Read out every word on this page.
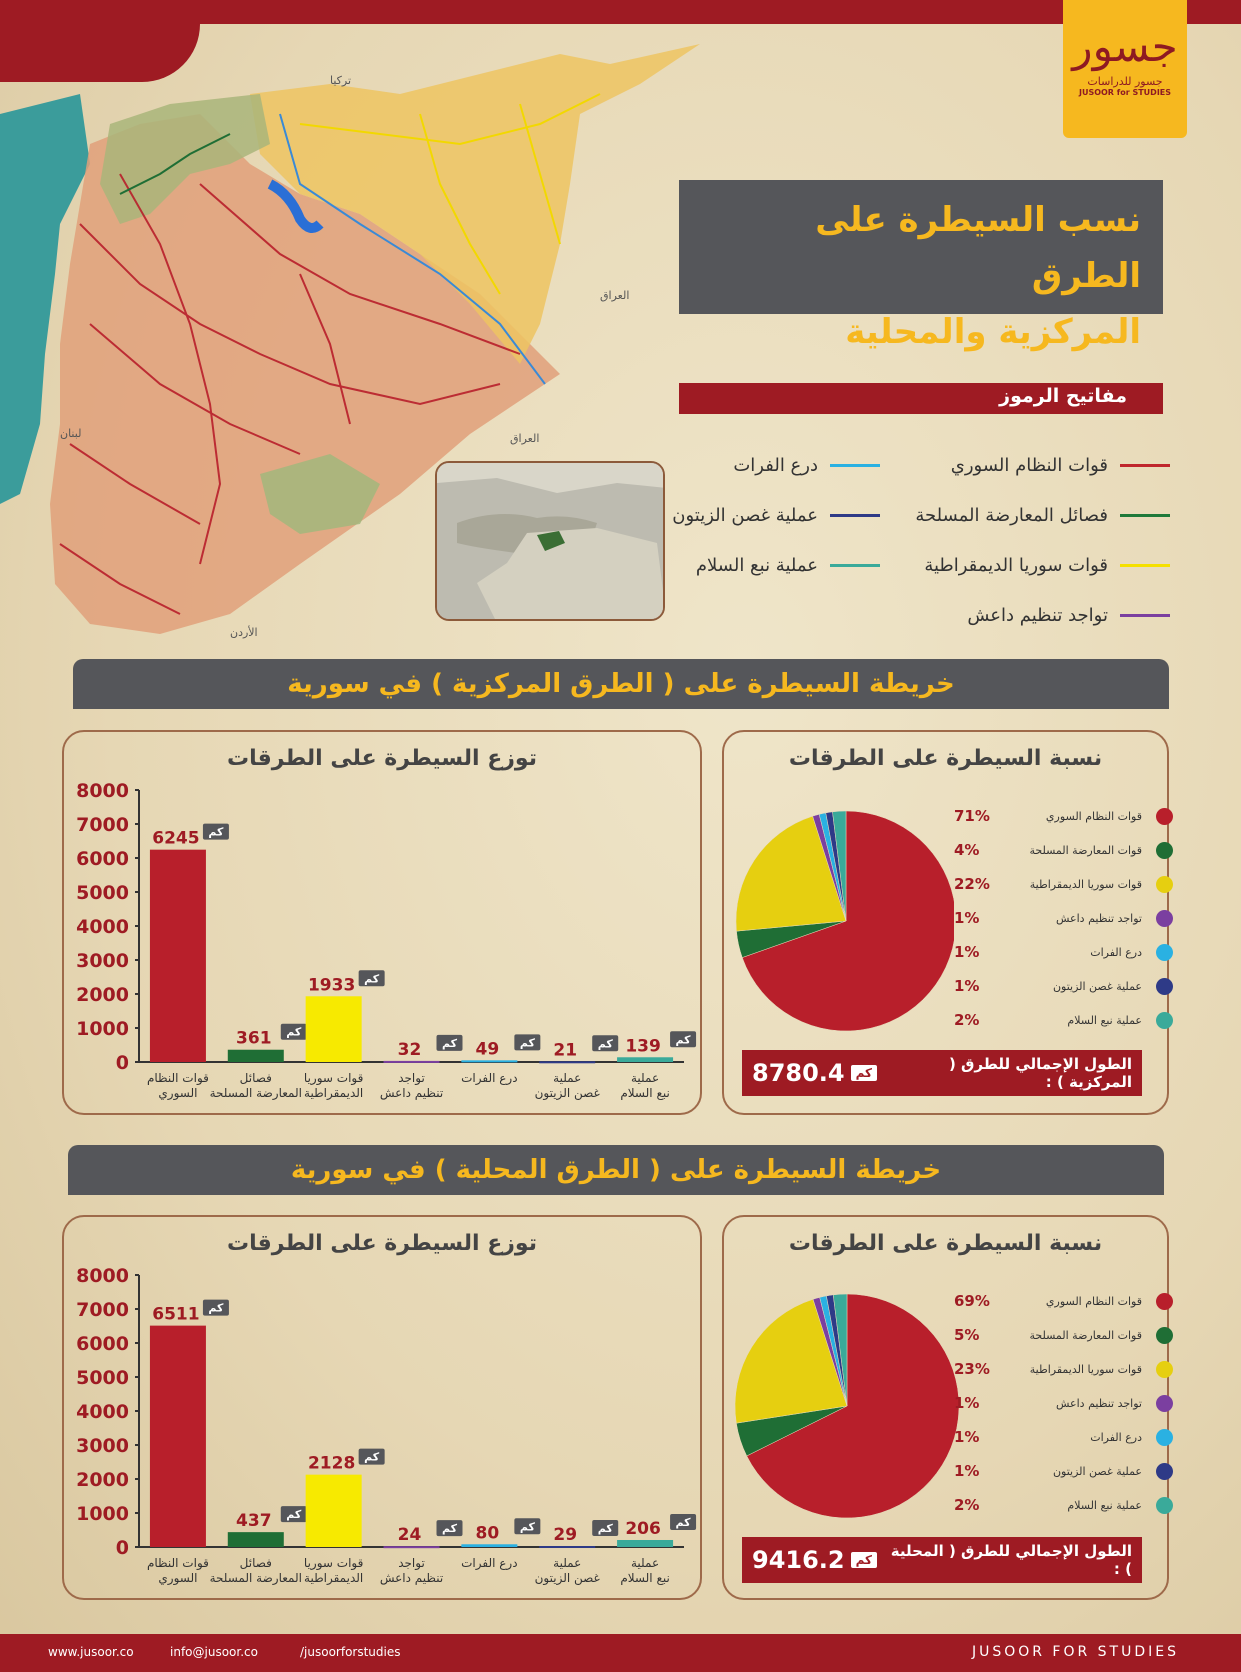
تركيا
العراق
العراق
لبنان
الأردن
جسور
جسور للدراسات
JUSOOR for STUDIES
نسب السيطرة على الطرق
المركزية والمحلية
مفاتيح الرموز
قوات النظام السوري
فصائل المعارضة المسلحة
قوات سوريا الديمقراطية
تواجد تنظيم داعش
درع الفرات
عملية غصن الزيتون
عملية نبع السلام
خريطة السيطرة على ( الطرق المركزية ) في سورية
توزع السيطرة على الطرقات
0
1000
2000
3000
4000
5000
6000
7000
8000
6245 كم
قوات النظام
السوري
361 كم
فصائل
المعارضة المسلحة
1933 كم
قوات سوريا
الديمقراطية
32 كم
تواجد
تنظيم داعش
49 كم
درع الفرات
21 كم
عملية
غصن الزيتون
139 كم
عملية
نبع السلام
نسبة السيطرة على الطرقات
قوات النظام السوري
71%
قوات المعارضة المسلحة
4%
قوات سوريا الديمقراطية
22%
تواجد تنظيم داعش
1%
درع الفرات
1%
عملية غصن الزيتون
1%
عملية نبع السلام
2%
الطول الإجمالي للطرق ( المركزية ) :
كم
8780.4
خريطة السيطرة على ( الطرق المحلية ) في سورية
توزع السيطرة على الطرقات
0
1000
2000
3000
4000
5000
6000
7000
8000
6511 كم
قوات النظام
السوري
437 كم
فصائل
المعارضة المسلحة
2128 كم
قوات سوريا
الديمقراطية
24 كم
تواجد
تنظيم داعش
80 كم
درع الفرات
29 كم
عملية
غصن الزيتون
206 كم
عملية
نبع السلام
نسبة السيطرة على الطرقات
قوات النظام السوري
69%
قوات المعارضة المسلحة
5%
قوات سوريا الديمقراطية
23%
تواجد تنظيم داعش
1%
درع الفرات
1%
عملية غصن الزيتون
1%
عملية نبع السلام
2%
الطول الإجمالي للطرق ( المحلية ) :
كم
9416.2
www.jusoor.co	info@jusoor.co	/jusoorforstudies	JUSOOR FOR STUDIES
